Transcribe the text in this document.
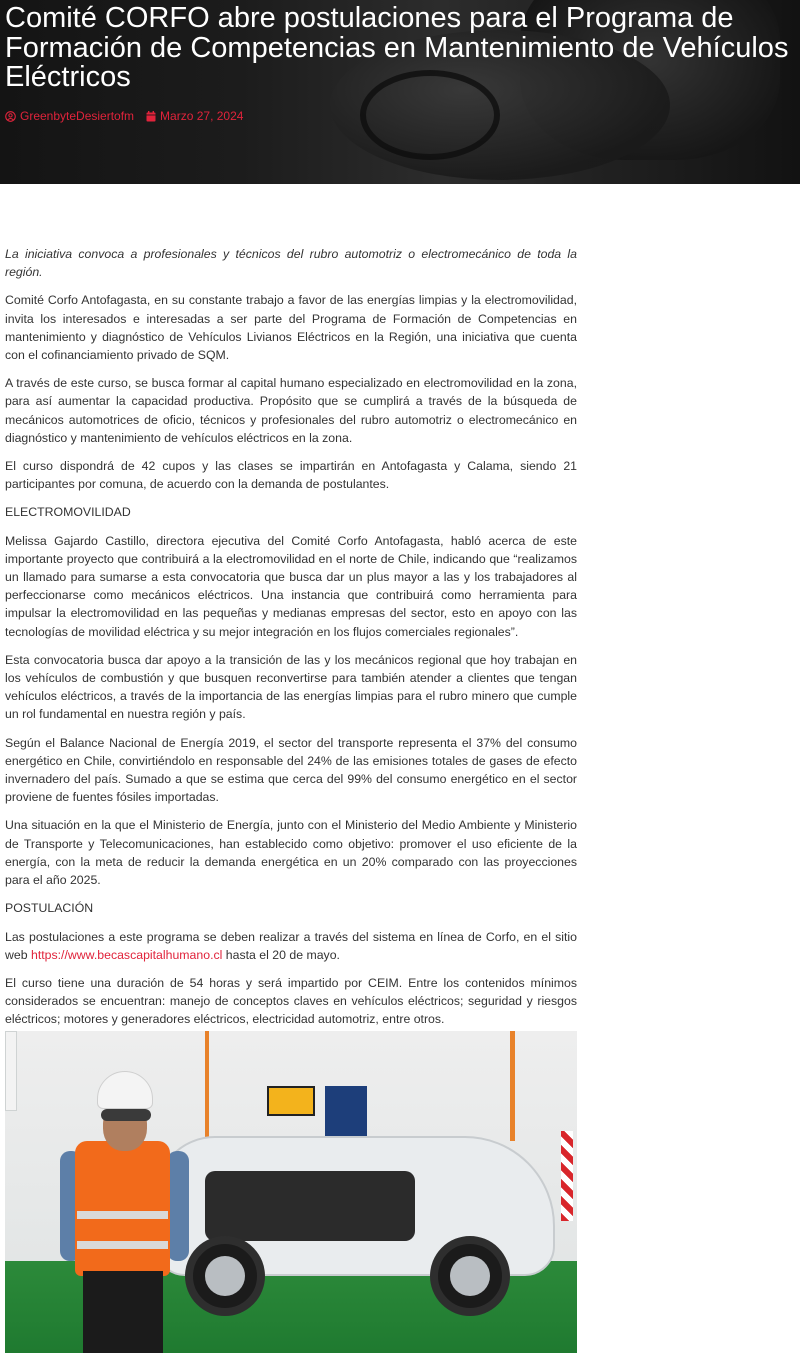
Comité CORFO abre postulaciones para el Programa de Formación de Competencias en Mantenimiento de Vehículos Eléctricos
GreenbyteDesiertofm Marzo 27, 2024

La iniciativa convoca a profesionales y técnicos del rubro automotriz o electromecánico de toda la región.

Comité Corfo Antofagasta, en su constante trabajo a favor de las energías limpias y la electromovilidad, invita los interesados e interesadas a ser parte del Programa de Formación de Competencias en mantenimiento y diagnóstico de Vehículos Livianos Eléctricos en la Región, una iniciativa que cuenta con el cofinanciamiento privado de SQM.

A través de este curso, se busca formar al capital humano especializado en electromovilidad en la zona, para así aumentar la capacidad productiva. Propósito que se cumplirá a través de la búsqueda de mecánicos automotrices de oficio, técnicos y profesionales del rubro automotriz o electromecánico en diagnóstico y mantenimiento de vehículos eléctricos en la zona.

El curso dispondrá de 42 cupos y las clases se impartirán en Antofagasta y Calama, siendo 21 participantes por comuna, de acuerdo con la demanda de postulantes.

ELECTROMOVILIDAD

Melissa Gajardo Castillo, directora ejecutiva del Comité Corfo Antofagasta, habló acerca de este importante proyecto que contribuirá a la electromovilidad en el norte de Chile, indicando que “realizamos un llamado para sumarse a esta convocatoria que busca dar un plus mayor a las y los trabajadores al perfeccionarse como mecánicos eléctricos. Una instancia que contribuirá como herramienta para impulsar la electromovilidad en las pequeñas y medianas empresas del sector, esto en apoyo con las tecnologías de movilidad eléctrica y su mejor integración en los flujos comerciales regionales”.

Esta convocatoria busca dar apoyo a la transición de las y los mecánicos regional que hoy trabajan en los vehículos de combustión y que busquen reconvertirse para también atender a clientes que tengan vehículos eléctricos, a través de la importancia de las energías limpias para el rubro minero que cumple un rol fundamental en nuestra región y país.

Según el Balance Nacional de Energía 2019, el sector del transporte representa el 37% del consumo energético en Chile, convirtiéndolo en responsable del 24% de las emisiones totales de gases de efecto invernadero del país. Sumado a que se estima que cerca del 99% del consumo energético en el sector proviene de fuentes fósiles importadas.

Una situación en la que el Ministerio de Energía, junto con el Ministerio del Medio Ambiente y Ministerio de Transporte y Telecomunicaciones, han establecido como objetivo: promover el uso eficiente de la energía, con la meta de reducir la demanda energética en un 20% comparado con las proyecciones para el año 2025.

POSTULACIÓN

Las postulaciones a este programa se deben realizar a través del sistema en línea de Corfo, en el sitio web https://www.becascapitalhumano.cl hasta el 20 de mayo.

El curso tiene una duración de 54 horas y será impartido por CEIM. Entre los contenidos mínimos considerados se encuentran: manejo de conceptos claves en vehículos eléctricos; seguridad y riesgos eléctricos; motores y generadores eléctricos, electricidad automotriz, entre otros.
